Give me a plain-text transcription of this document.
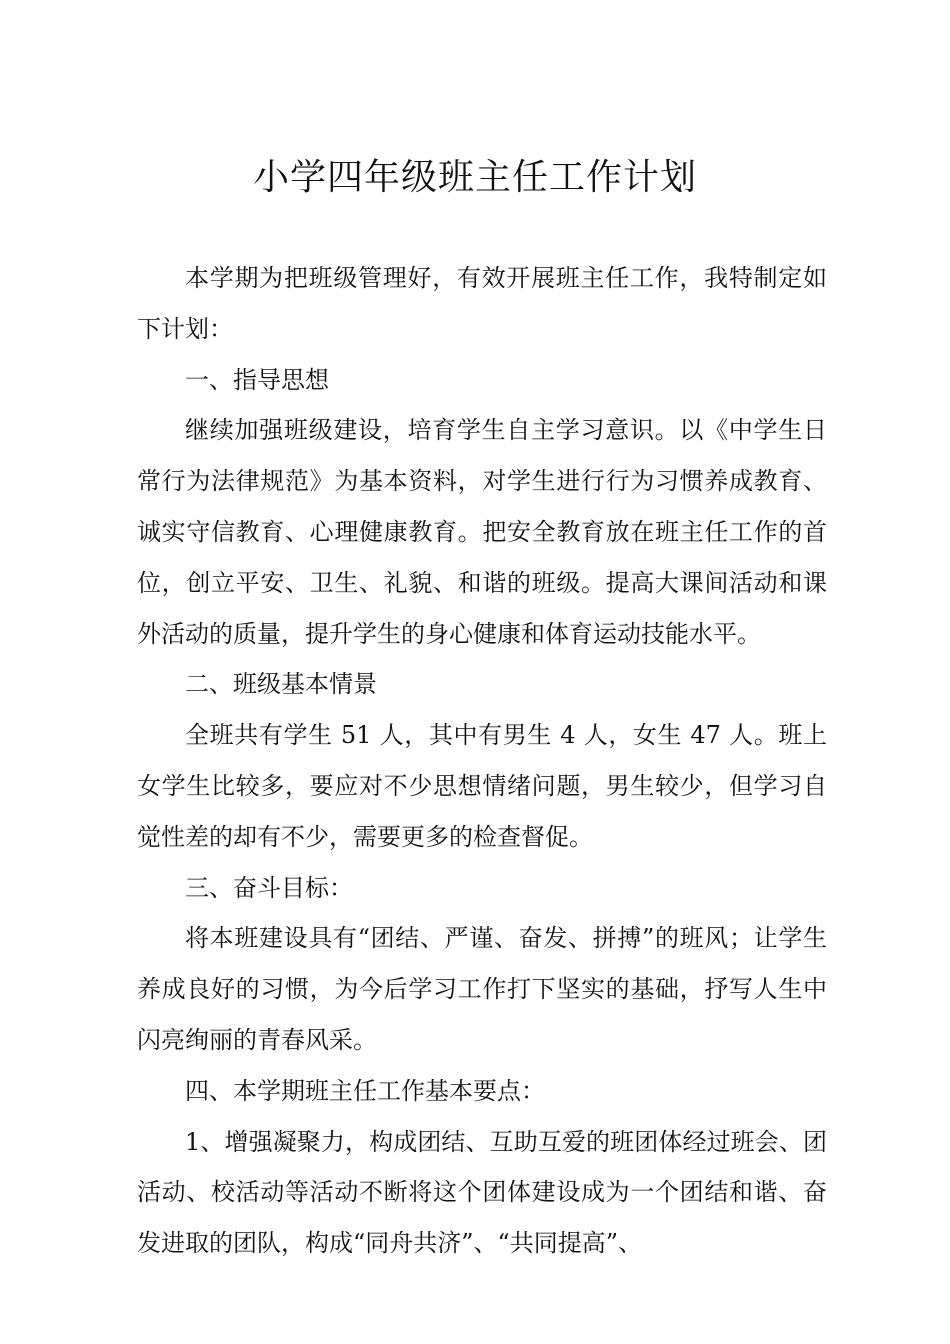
小学四年级班主任工作计划

本学期为把班级管理好，有效开展班主任工作，我特制定如下计划：

一、指导思想

继续加强班级建设，培育学生自主学习意识。以《中学生日常行为法律规范》为基本资料，对学生进行行为习惯养成教育、诚实守信教育、心理健康教育。把安全教育放在班主任工作的首位，创立平安、卫生、礼貌、和谐的班级。提高大课间活动和课外活动的质量，提升学生的身心健康和体育运动技能水平。

二、班级基本情景

全班共有学生 51 人，其中有男生 4 人，女生 47 人。班上女学生比较多，要应对不少思想情绪问题，男生较少，但学习自觉性差的却有不少，需要更多的检查督促。

三、奋斗目标：

将本班建设具有“团结、严谨、奋发、拼搏”的班风；让学生养成良好的习惯，为今后学习工作打下坚实的基础，抒写人生中闪亮绚丽的青春风采。

四、本学期班主任工作基本要点：

1、增强凝聚力，构成团结、互助互爱的班团体经过班会、团活动、校活动等活动不断将这个团体建设成为一个团结和谐、奋发进取的团队，构成“同舟共济”、“共同提高”、
